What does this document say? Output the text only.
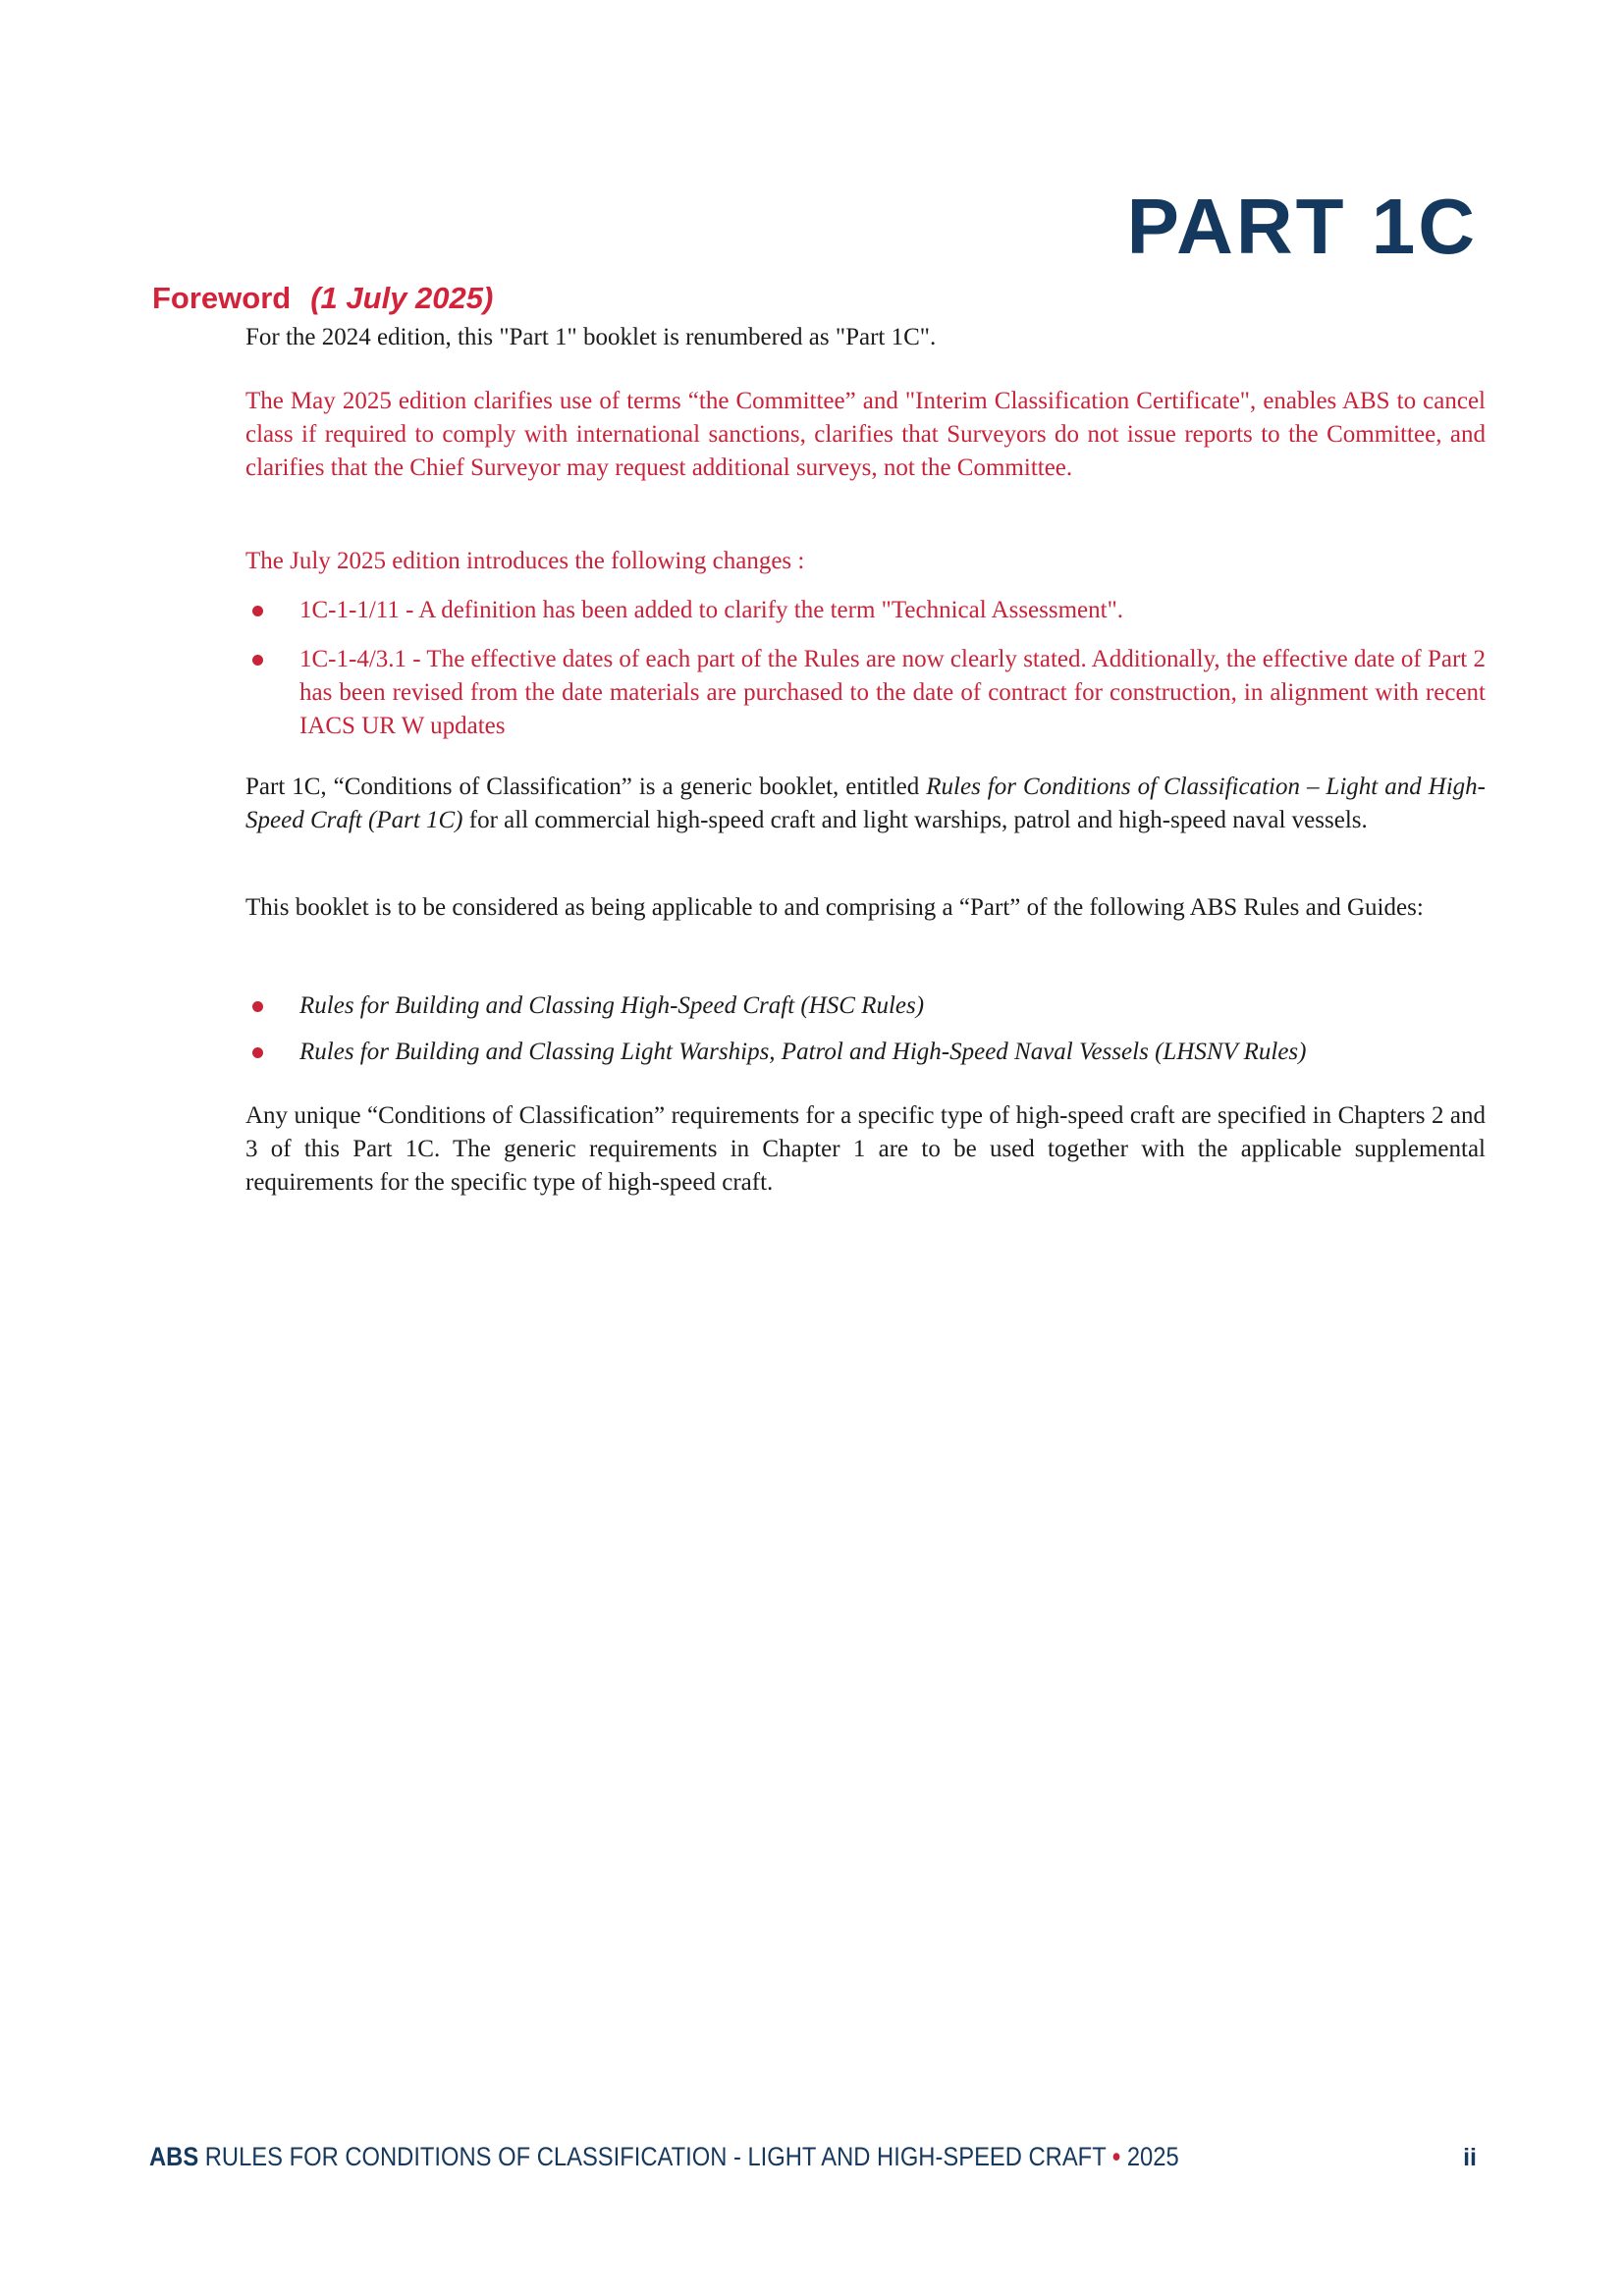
PART 1C
Foreword (1 July 2025)

For the 2024 edition, this "Part 1" booklet is renumbered as "Part 1C".

The May 2025 edition clarifies use of terms “the Committee” and "Interim Classification Certificate", enables ABS to cancel class if required to comply with international sanctions, clarifies that Surveyors do not issue reports to the Committee, and clarifies that the Chief Surveyor may request additional surveys, not the Committee.

The July 2025 edition introduces the following changes :

1C-1-1/11 - A definition has been added to clarify the term "Technical Assessment".
1C-1-4/3.1 - The effective dates of each part of the Rules are now clearly stated. Additionally, the effective date of Part 2 has been revised from the date materials are purchased to the date of contract for construction, in alignment with recent IACS UR W updates

Part 1C, “Conditions of Classification” is a generic booklet, entitled Rules for Conditions of Classification – Light and High-Speed Craft (Part 1C) for all commercial high-speed craft and light warships, patrol and high-speed naval vessels.

This booklet is to be considered as being applicable to and comprising a “Part” of the following ABS Rules and Guides:

Rules for Building and Classing High-Speed Craft (HSC Rules)
Rules for Building and Classing Light Warships, Patrol and High-Speed Naval Vessels (LHSNV Rules)

Any unique “Conditions of Classification” requirements for a specific type of high-speed craft are specified in Chapters 2 and 3 of this Part 1C. The generic requirements in Chapter 1 are to be used together with the applicable supplemental requirements for the specific type of high-speed craft.

ABS RULES FOR CONDITIONS OF CLASSIFICATION - LIGHT AND HIGH-SPEED CRAFT • 2025	ii
